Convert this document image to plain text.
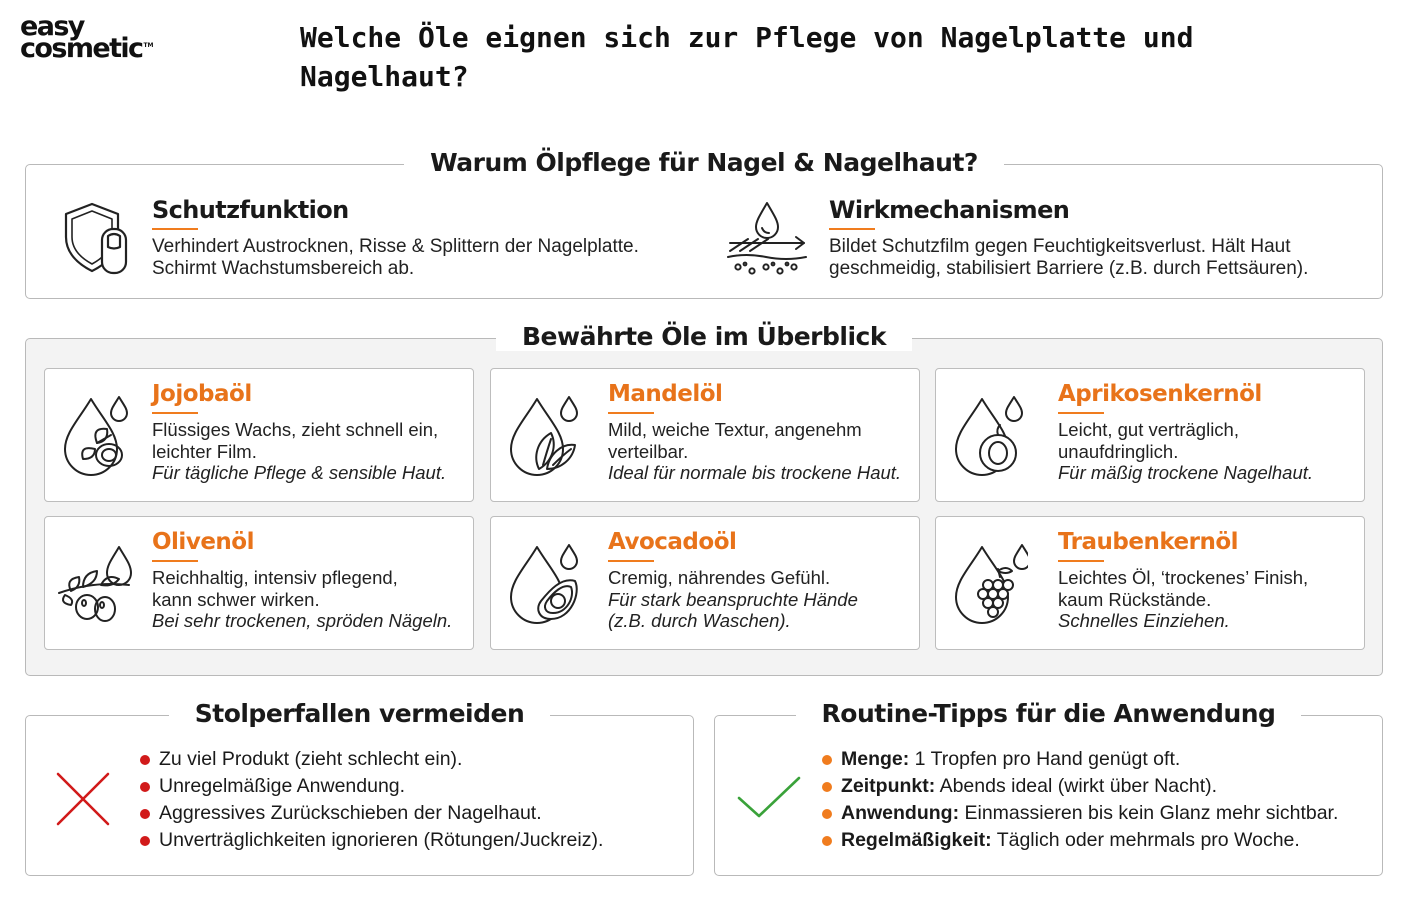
easy
cosmetic™	Welche Öle eignen sich zur Pflege von Nagelplatte und Nagelhaut?
Warum Ölpflege für Nagel & Nagelhaut?
Schutzfunktion

Verhindert Austrocknen, Risse & Splittern der Nagelplatte. Schirmt Wachstumsbereich ab.

Wirkmechanismen

Bildet Schutzfilm gegen Feuchtigkeitsverlust. Hält Haut geschmeidig, stabilisiert Barriere (z.B. durch Fettsäuren).

Bewährte Öle im Überblick
Jojobaöl

Flüssiges Wachs, zieht schnell ein, leichter Film.

Für tägliche Pflege & sensible Haut.

Mandelöl

Mild, weiche Textur, angenehm verteilbar.

Ideal für normale bis trockene Haut.

Aprikosenkernöl

Leicht, gut verträglich, unaufdringlich.

Für mäßig trockene Nagelhaut.

Olivenöl

Reichhaltig, intensiv pflegend, kann schwer wirken.

Bei sehr trockenen, spröden Nägeln.

Avocadoöl

Cremig, nährendes Gefühl.

Für stark beanspruchte Hände (z.B. durch Waschen).

Traubenkernöl

Leichtes Öl, ‘trockenes’ Finish, kaum Rückstände.

Schnelles Einziehen.

Stolperfallen vermeiden
Zu viel Produkt (zieht schlecht ein).
Unregelmäßige Anwendung.
Aggressives Zurückschieben der Nagelhaut.
Unverträglichkeiten ignorieren (Rötungen/Juckreiz).
Routine-Tipps für die Anwendung
Menge: 1 Tropfen pro Hand genügt oft.
Zeitpunkt: Abends ideal (wirkt über Nacht).
Anwendung: Einmassieren bis kein Glanz mehr sichtbar.
Regelmäßigkeit: Täglich oder mehrmals pro Woche.
